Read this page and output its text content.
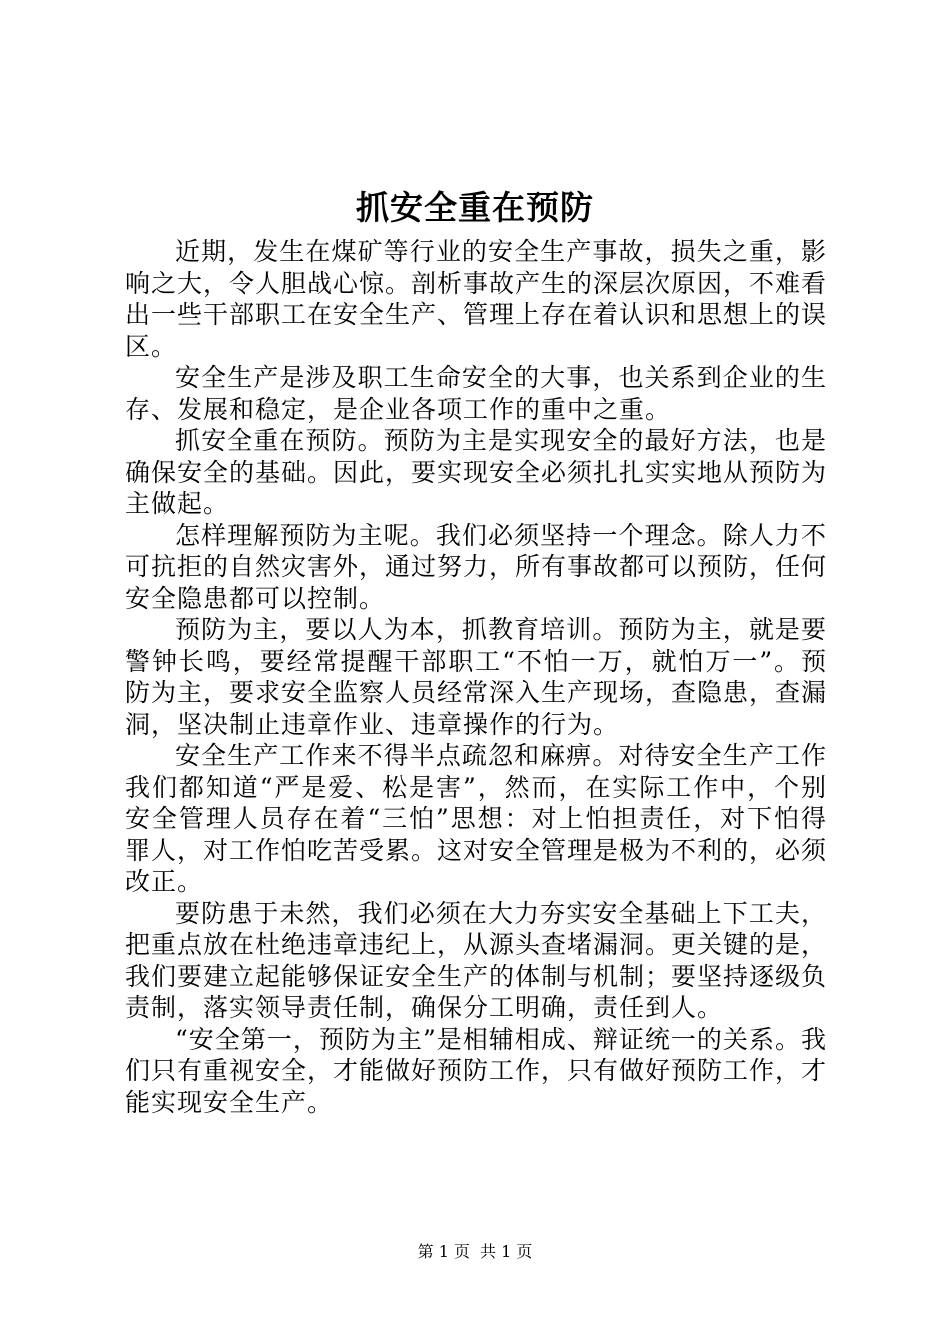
抓安全重在预防

近期，发生在煤矿等行业的安全生产事故，损失之重，影响之大，令人胆战心惊。剖析事故产生的深层次原因，不难看出一些干部职工在安全生产、管理上存在着认识和思想上的误区。

安全生产是涉及职工生命安全的大事，也关系到企业的生存、发展和稳定，是企业各项工作的重中之重。

抓安全重在预防。预防为主是实现安全的最好方法，也是确保安全的基础。因此，要实现安全必须扎扎实实地从预防为主做起。

怎样理解预防为主呢。我们必须坚持一个理念。除人力不可抗拒的自然灾害外，通过努力，所有事故都可以预防，任何安全隐患都可以控制。

预防为主，要以人为本，抓教育培训。预防为主，就是要警钟长鸣，要经常提醒干部职工“不怕一万，就怕万一”。预防为主，要求安全监察人员经常深入生产现场，查隐患，查漏洞，坚决制止违章作业、违章操作的行为。

安全生产工作来不得半点疏忽和麻痹。对待安全生产工作我们都知道“严是爱、松是害”，然而，在实际工作中，个别安全管理人员存在着“三怕”思想：对上怕担责任，对下怕得罪人，对工作怕吃苦受累。这对安全管理是极为不利的，必须改正。

要防患于未然，我们必须在大力夯实安全基础上下工夫，把重点放在杜绝违章违纪上，从源头查堵漏洞。更关键的是，我们要建立起能够保证安全生产的体制与机制；要坚持逐级负责制，落实领导责任制，确保分工明确，责任到人。

“安全第一，预防为主”是相辅相成、辩证统一的关系。我们只有重视安全，才能做好预防工作，只有做好预防工作，才能实现安全生产。

第 1 页 共 1 页
